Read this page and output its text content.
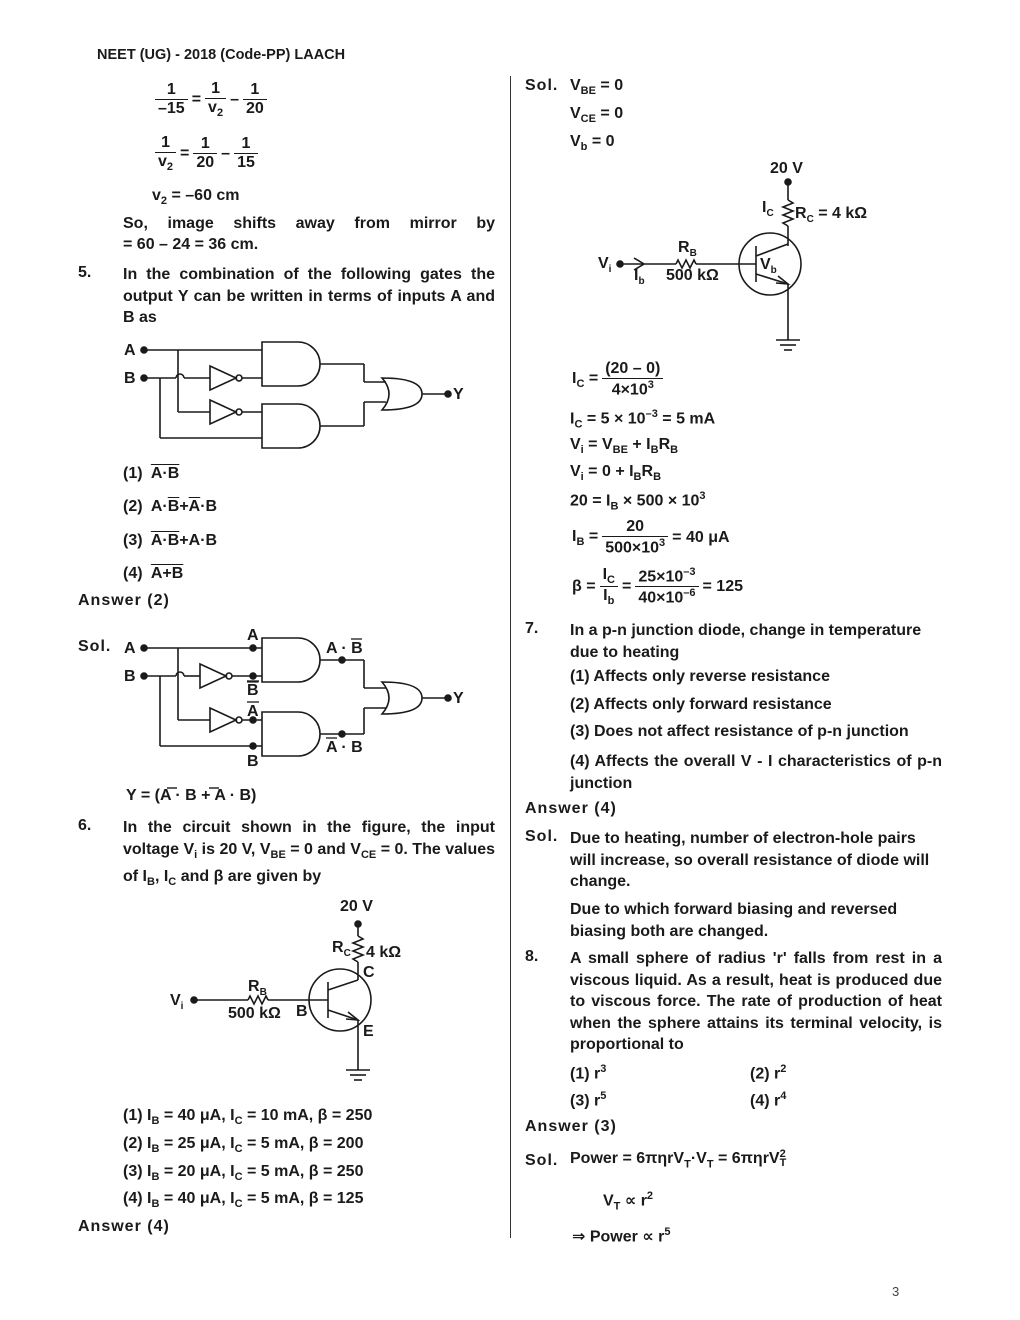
NEET (UG) - 2018 (Code-PP) LAACH
$\frac{1}{-15} = \frac{1}{v_2} - \frac{1}{20}$
$\frac{1}{v_2} = \frac{1}{20} - \frac{1}{15}$
$v_2 = -60$ cm
So, image shifts away from mirror by
= 60 – 24 = 36 cm.
5. In the combination of the following gates the output Y can be written in terms of inputs A and B as
A
B
Y
(1) A·B
(2)  $A\cdot\overline{B}+\overline{A}\cdot B$
(3) A·B+A·B
(4) A+B
Answer (2)
Sol. A
B
A
B
A
B
A · B
A · B
Y
Y = (A · B + A · B)
6. In the circuit shown in the figure, the input voltage $V_i$ is 20 V, $V_{BE} = 0$ and $V_{CE} = 0$. The values of $I_B$, $I_C$ and β are given by
20 V
$R_C$ 4 kΩ
C
$R_B$
500 kΩ B
E
$V_i$
(1) $I_B = 40$ μA, $I_C = 10$ mA, β = 250
(2) $I_B = 25$ μA, $I_C = 5$ mA, β = 200
(3) $I_B = 20$ μA, $I_C = 5$ mA, β = 250
(4) $I_B = 40$ μA, $I_C = 5$ mA, β = 125
Answer (4)
Sol. $V_{BE} = 0$
$V_{CE} = 0$
$V_b = 0$
20 V
$I_C$ $R_C = 4$ kΩ
$R_B$
500 kΩ
$V_i$ $I_b$
$V_b$
$I_C = \frac{(20 - 0)}{4\times 10^3}$
$I_C = 5 \times 10^{-3} = 5$ mA
$V_i = V_{BE} + I_BR_B$
$V_i = 0 + I_BR_B$
$20 = I_B \times 500 \times 10^3$
$I_B = \frac{20}{500\times 10^3} = 40$ μA
$\beta = \frac{I_C}{I_b} = \frac{25\times 10^{-3}}{40\times 10^{-6}} = 125$
7. In a p-n junction diode, change in temperature due to heating
(1) Affects only reverse resistance
(2) Affects only forward resistance
(3) Does not affect resistance of p-n junction
(4) Affects the overall V - I characteristics of p-n junction
Answer (4)
Sol. Due to heating, number of electron-hole pairs will increase, so overall resistance of diode will change.
Due to which forward biasing and reversed biasing both are changed.
8. A small sphere of radius 'r' falls from rest in a viscous liquid. As a result, heat is produced due to viscous force. The rate of production of heat when the sphere attains its terminal velocity, is proportional to
(1) $r^3$	(2) $r^2$
(3) $r^5$	(4) $r^4$
Answer (3)
Sol. Power = $6\pi\eta rV_T\cdot V_T = 6\pi\eta rV$ 2
T
$V_T \propto r^2$
⇒ Power ∝ $r^5$
3
